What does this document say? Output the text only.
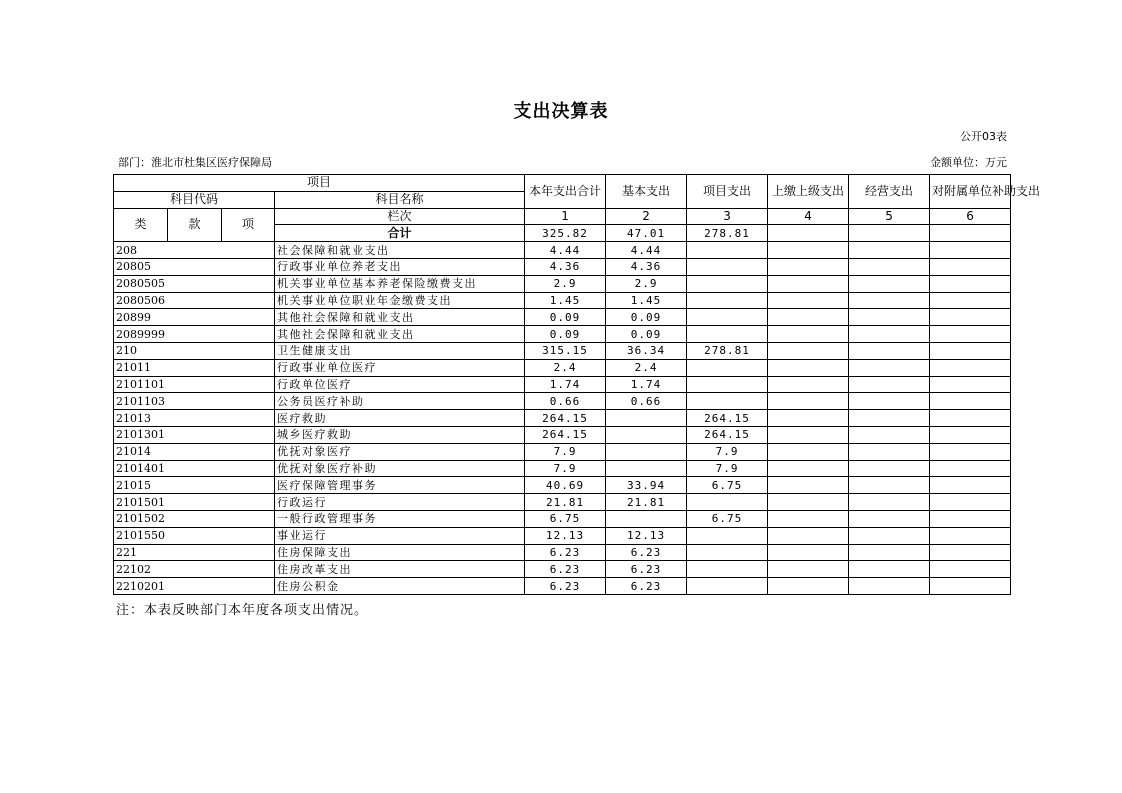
支出决算表
公开03表
部门：淮北市杜集区医疗保障局	金额单位：万元
项目				本年支出合计	基本支出	项目支出	上缴上级支出	经营支出	对附属单位补助支出
科目代码			科目名称						
类	款	项	栏次	1	2	3	4	5	6
			合计	325.82	47.01	278.81			
208			社会保障和就业支出	4.44	4.44				
20805			行政事业单位养老支出	4.36	4.36				
2080505			机关事业单位基本养老保险缴费支出	2.9	2.9				
2080506			机关事业单位职业年金缴费支出	1.45	1.45				
20899			其他社会保障和就业支出	0.09	0.09				
2089999			其他社会保障和就业支出	0.09	0.09				
210			卫生健康支出	315.15	36.34	278.81			
21011			行政事业单位医疗	2.4	2.4				
2101101			行政单位医疗	1.74	1.74				
2101103			公务员医疗补助	0.66	0.66				
21013			医疗救助	264.15		264.15			
2101301			城乡医疗救助	264.15		264.15			
21014			优抚对象医疗	7.9		7.9			
2101401			优抚对象医疗补助	7.9		7.9			
21015			医疗保障管理事务	40.69	33.94	6.75			
2101501			行政运行	21.81	21.81				
2101502			一般行政管理事务	6.75		6.75			
2101550			事业运行	12.13	12.13				
221			住房保障支出	6.23	6.23				
22102			住房改革支出	6.23	6.23				
2210201			住房公积金	6.23	6.23				
注：本表反映部门本年度各项支出情况。
